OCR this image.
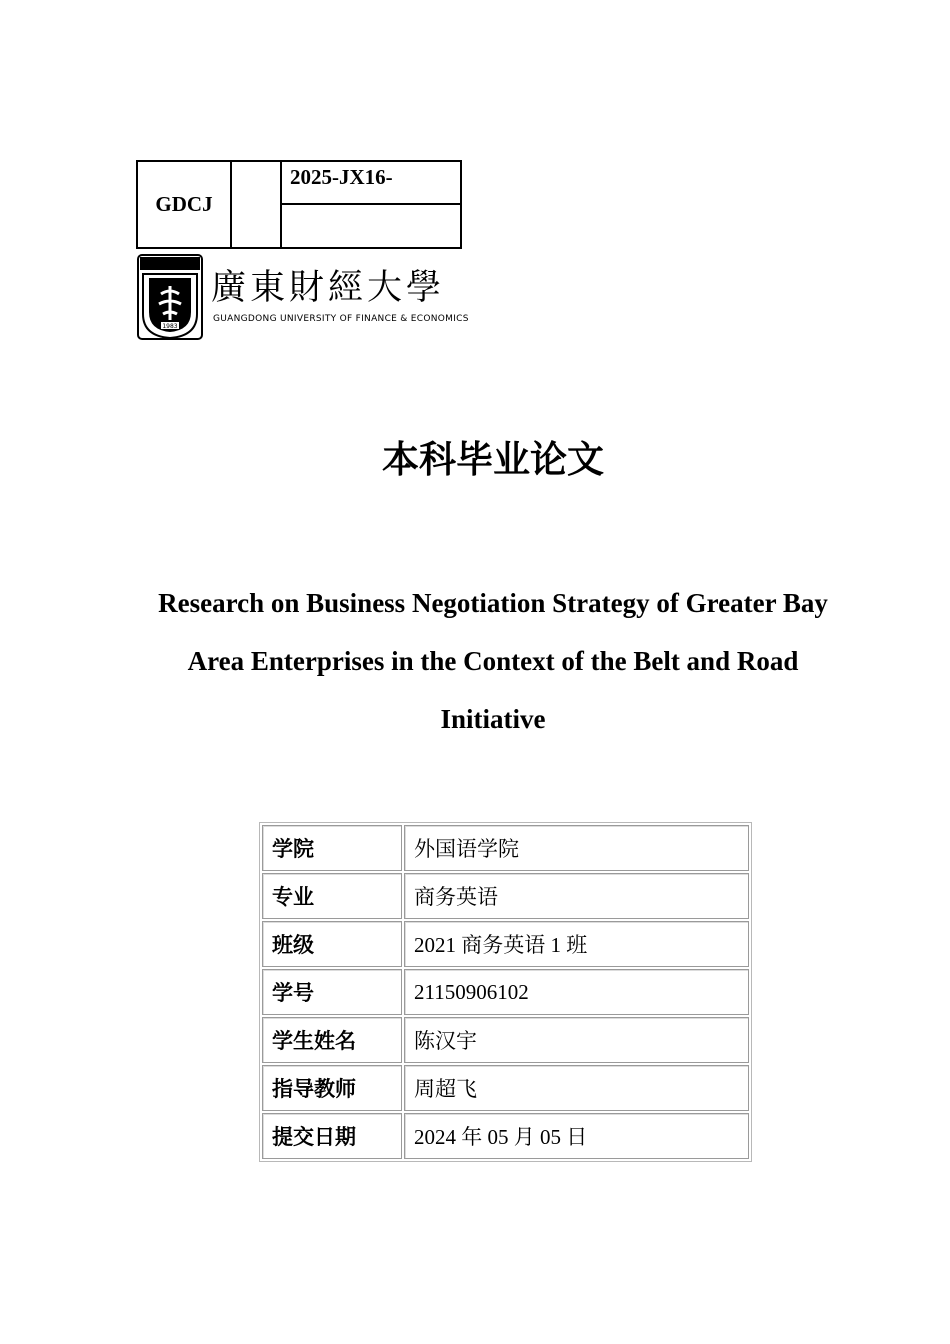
GDCJ
2025-JX16-
1983
廣東財經大學
GUANGDONG UNIVERSITY OF FINANCE & ECONOMICS
本科毕业论文
Research on Business Negotiation Strategy of Greater Bay
Area Enterprises in the Context of the Belt and Road
Initiative
学院	外国语学院
专业	商务英语
班级	2021 商务英语 1 班
学号	21150906102
学生姓名	陈汉宇
指导教师	周超飞
提交日期	2024 年 05 月 05 日
